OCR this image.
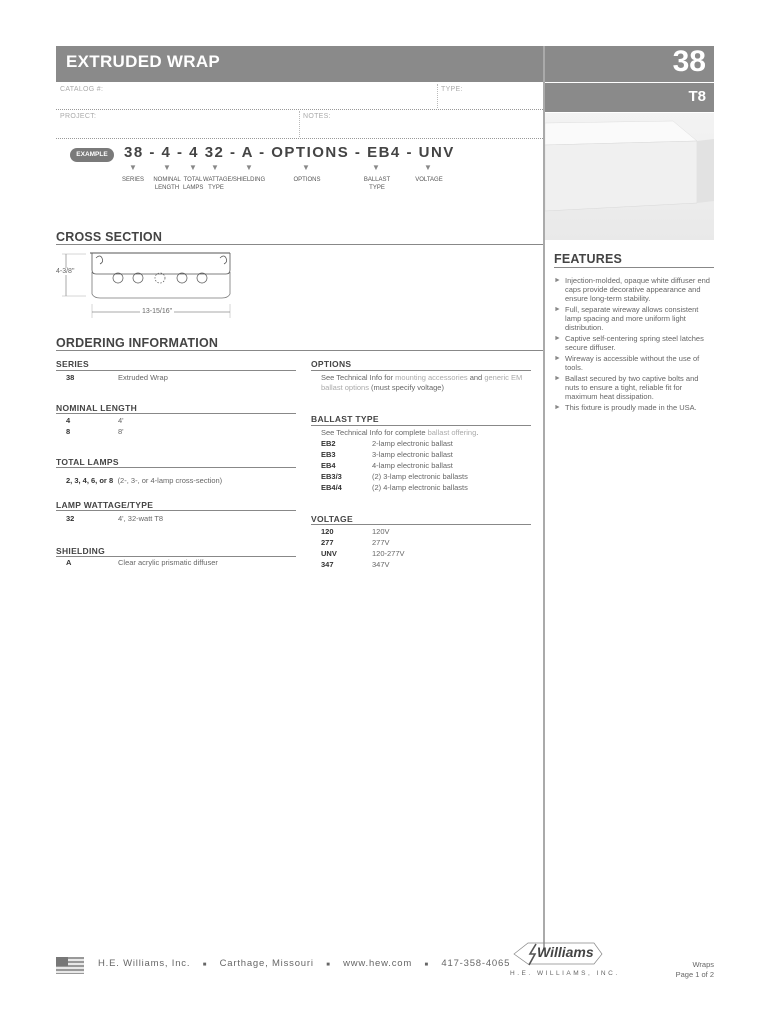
EXTRUDED WRAP	38
T8
CATALOG #:	TYPE:
PROJECT:	NOTES:
EXAMPLE	38 - 4 - 4 32 - A - OPTIONS - EB4 - UNV
▼	▼ ▼ ▼	▼	▼	▼	▼
SERIES	NOMINAL LENGTH
TOTAL LAMPS
WATTAGE/ TYPE
SHIELDING	OPTIONS	BALLAST TYPE
VOLTAGE
CROSS SECTION
4-3/8"
13-15/16"
ORDERING INFORMATION
SERIES
38	Extruded Wrap
NOMINAL LENGTH
4	4'
8	8'
TOTAL LAMPS
2, 3, 4, 6, or 8 (2-, 3-, or 4-lamp cross-section)
LAMP WATTAGE/TYPE
32	4', 32-watt T8
SHIELDING
A	Clear acrylic prismatic diffuser
OPTIONS
See Technical Info for mounting accessories and generic EM ballast options (must specify voltage)
BALLAST TYPE
See Technical Info for complete ballast offering.
EB2	2-lamp electronic ballast
EB3	3-lamp electronic ballast
EB4	4-lamp electronic ballast
EB3/3	(2) 3-lamp electronic ballasts
EB4/4	(2) 4-lamp electronic ballasts
VOLTAGE
120	120V
277	277V
UNV	120-277V
347	347V
FEATURES
► Injection-molded, opaque white diffuser end caps provide decorative appearance and ensure long-term stability.
► Full, separate wireway allows consistent lamp spacing and more uniform light distribution.
► Captive self-centering spring steel latches secure diffuser.
► Wireway is accessible without the use of tools.
► Ballast secured by two captive bolts and nuts to ensure a tight, reliable fit for maximum heat dissipation.
► This fixture is proudly made in the USA.
H.E. Williams, Inc. ■ Carthage, Missouri ■ www.hew.com ■ 417-358-4065
Williams
H.E. WILLIAMS, INC.
Wraps
Page 1 of 2
